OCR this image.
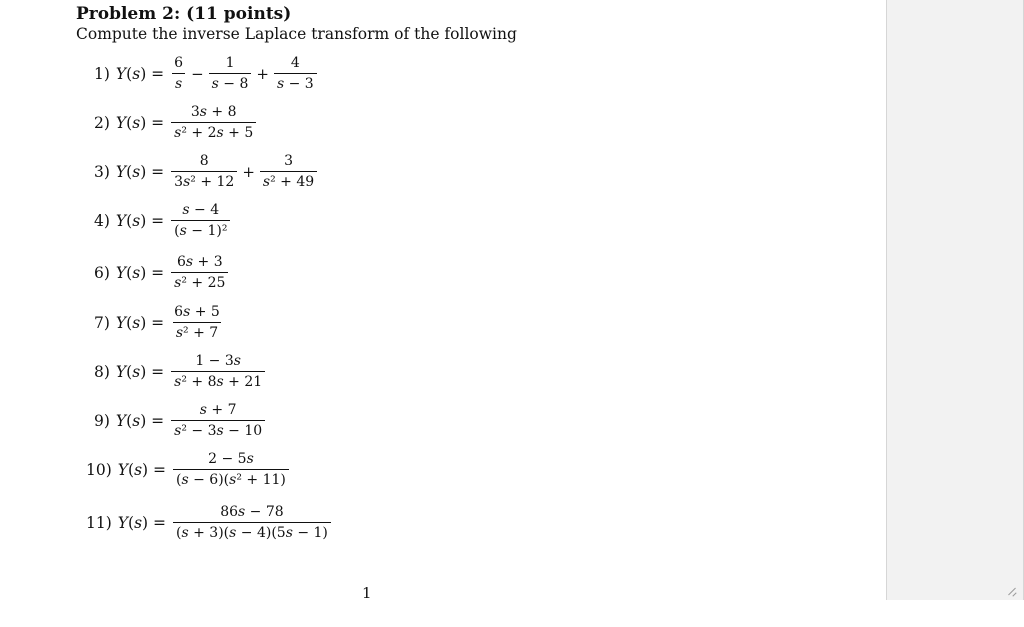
Problem 2: (11 points)
Compute the inverse Laplace transform of the following
1) $Y(s) = \frac{6}{s} - \frac{1}{s - 8} + \frac{4}{s - 3}$
2) $Y(s) = \frac{3s + 8}{\text{s² + 2s + 5}}$
3) $Y(s) = \frac{8}{\text{3s² + 12}} + \frac{3}{\text{s² + 49}}$
4) $Y(s) = \frac{s - 4}{\text{(s − 1)²}}$
6) $Y(s) = \frac{6s + 3}{\text{s² + 25}}$
7) $Y(s) = \frac{6s + 5}{\text{s² + 7}}$
8) $Y(s) = \frac{1 - 3s}{\text{s² + 8s + 21}}$
9) $Y(s) = \frac{s + 7}{\text{s² − 3s − 10}}$
10) $Y(s) = \frac{2 - 5s}{\text{(s − 6)(s² + 11)}}$
11) $Y(s) = \frac{86s - 78}{(s + 3)(s - 4)(5s - 1)}$
1
